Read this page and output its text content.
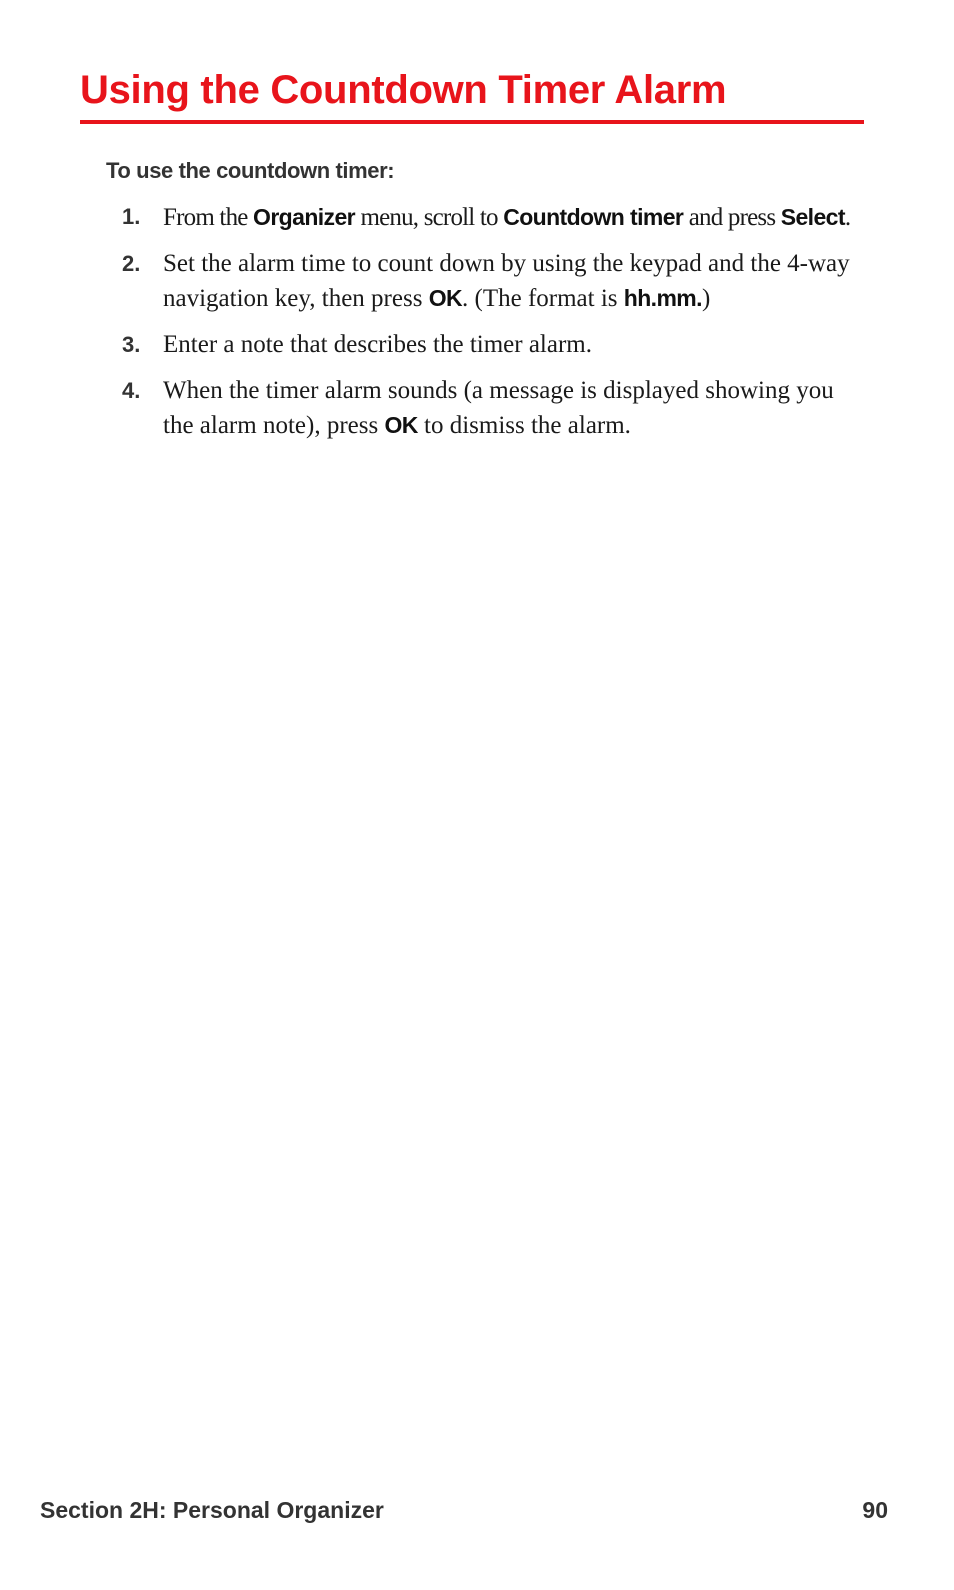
Using the Countdown Timer Alarm

To use the countdown timer:

1. From the Organizer menu, scroll to Countdown timer and press Select.
2. Set the alarm time to count down by using the keypad and the 4-way navigation key, then press OK. (The format is hh.mm.)
3. Enter a note that describes the timer alarm.
4. When the timer alarm sounds (a message is displayed showing you the alarm note), press OK to dismiss the alarm.
Section 2H: Personal Organizer	90
